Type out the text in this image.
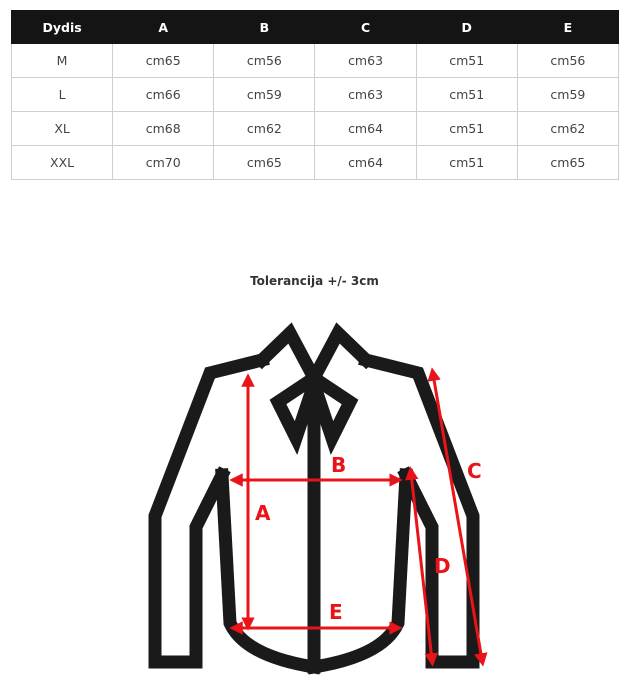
Dydis	A	B	C	D	E
M	cm65	cm56	cm63	cm51	cm56
L	cm66	cm59	cm63	cm51	cm59
XL	cm68	cm62	cm64	cm51	cm62
XXL	cm70	cm65	cm64	cm51	cm65
Tolerancija +/- 3cm
A
B	C
D
E
